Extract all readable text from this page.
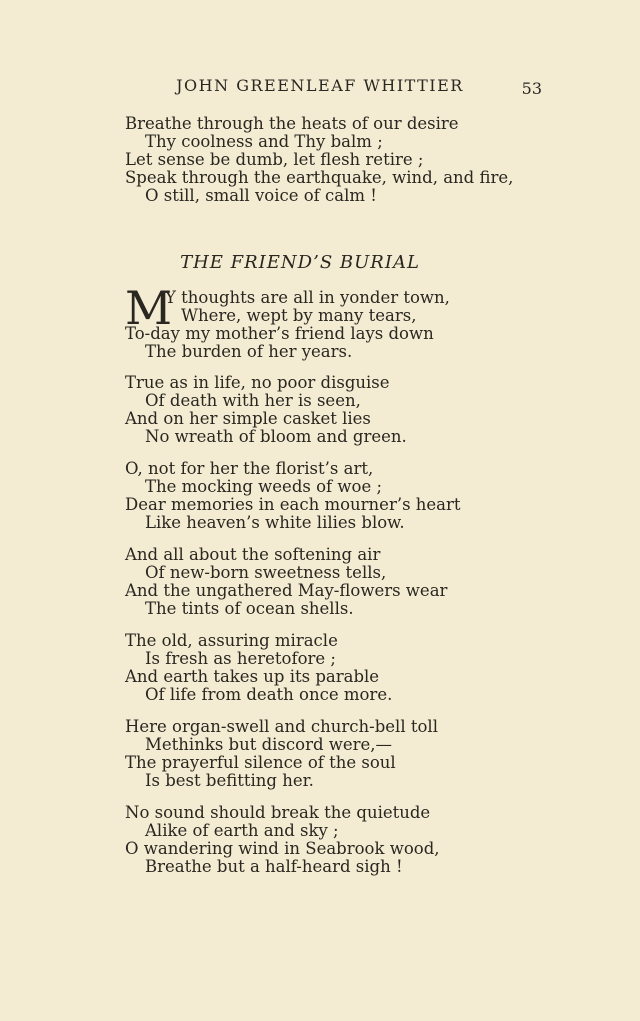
JOHN GREENLEAF WHITTIER	53
Breathe through the heats of our desire
Thy coolness and Thy balm ;
Let sense be dumb, let flesh retire ;
Speak through the earthquake, wind, and fire,
O still, small voice of calm !
THE FRIEND’S BURIAL
M
Y thoughts are all in yonder town,
Where, wept by many tears,
To-day my mother’s friend lays down
The burden of her years.
True as in life, no poor disguise
Of death with her is seen,
And on her simple casket lies
No wreath of bloom and green.
O, not for her the florist’s art,
The mocking weeds of woe ;
Dear memories in each mourner’s heart
Like heaven’s white lilies blow.
And all about the softening air
Of new-born sweetness tells,
And the ungathered May-flowers wear
The tints of ocean shells.
The old, assuring miracle
Is fresh as heretofore ;
And earth takes up its parable
Of life from death once more.
Here organ-swell and church-bell toll
Methinks but discord were,—
The prayerful silence of the soul
Is best befitting her.
No sound should break the quietude
Alike of earth and sky ;
O wandering wind in Seabrook wood,
Breathe but a half-heard sigh !
